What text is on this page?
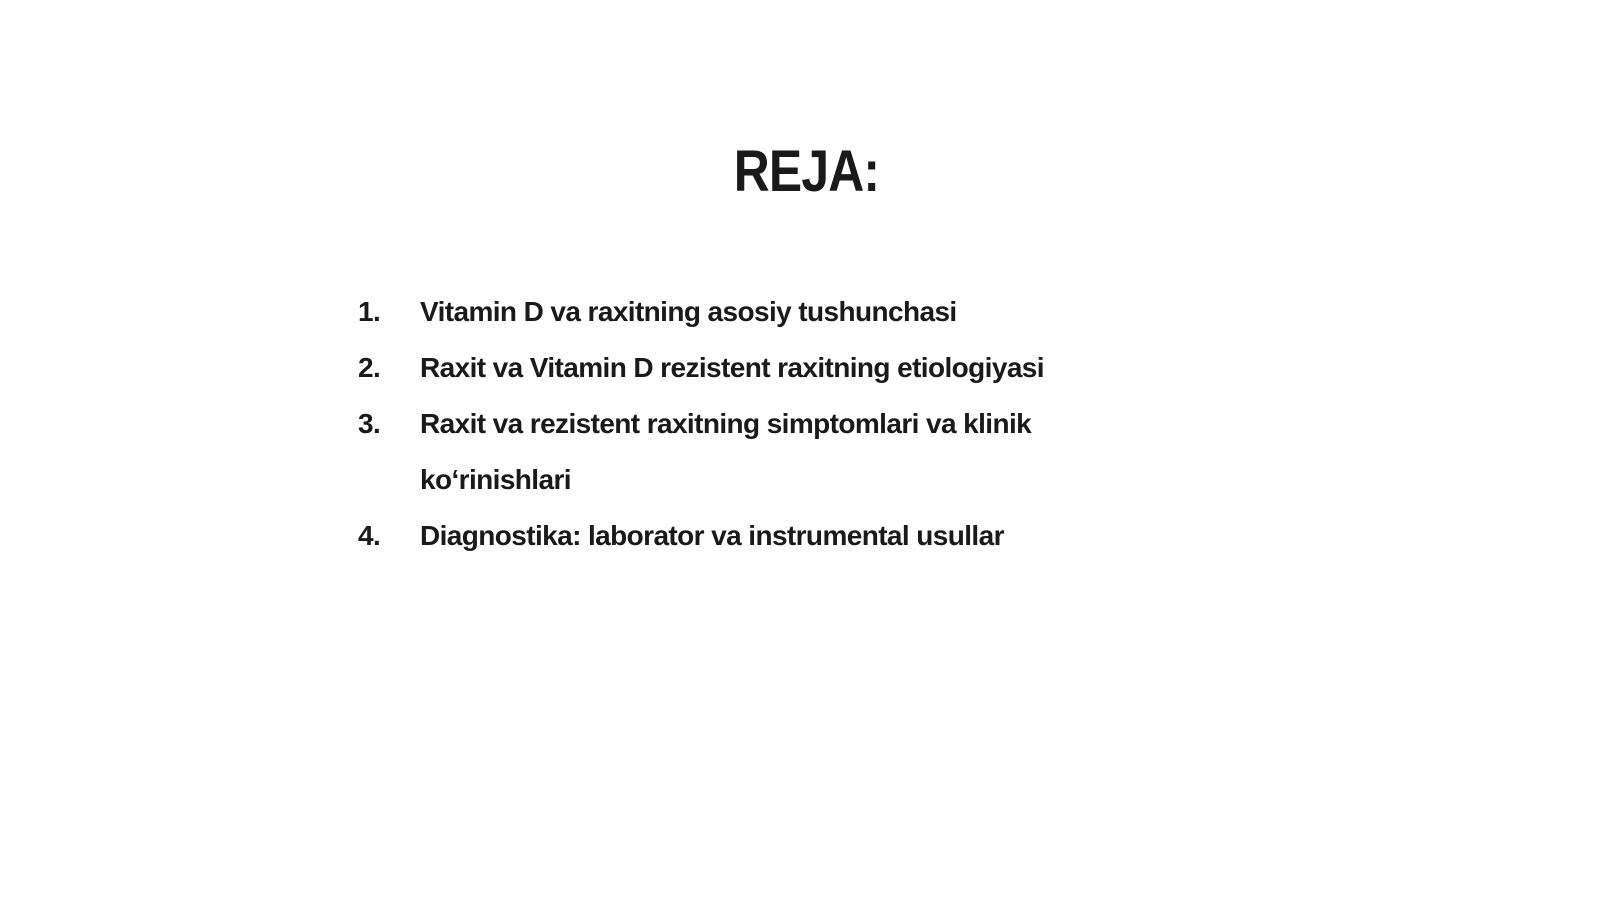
REJA:
1.	Vitamin D va raxitning asosiy tushunchasi
2.	Raxit va Vitamin D rezistent raxitning etiologiyasi
3.	Raxit va rezistent raxitning simptomlari va klinik ko‘rinishlari
4.	Diagnostika: laborator va instrumental usullar
